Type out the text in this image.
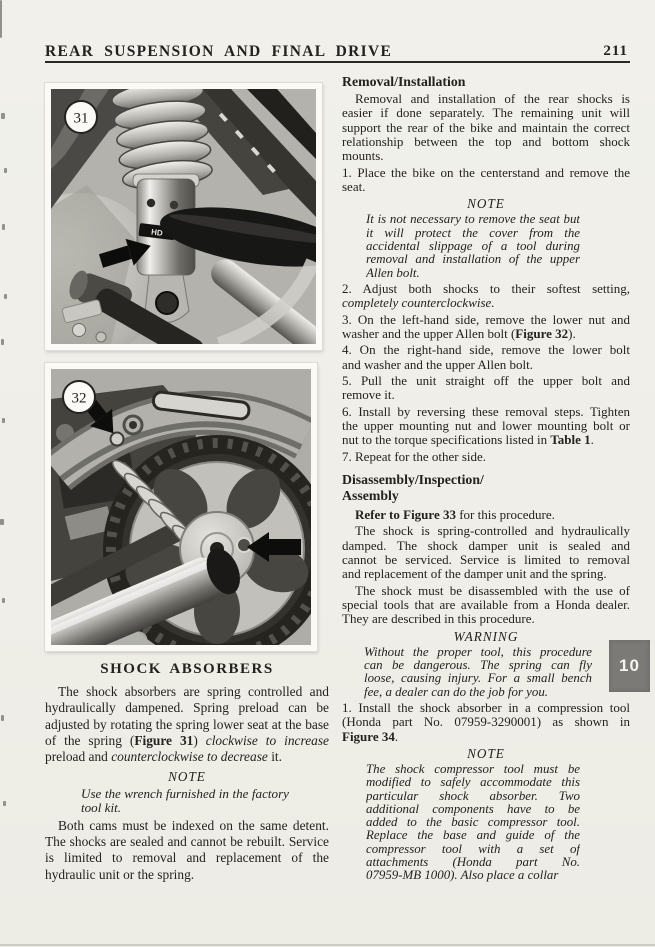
REAR SUSPENSION AND FINAL DRIVE	211
HD
31
32
SHOCK ABSORBERS
The shock absorbers are spring controlled and
hydraulically dampened. Spring preload can be
adjusted by rotating the spring lower seat at the base
of the spring (Figure 31) clockwise to increase
preload and counterclockwise to decrease it.
NOTE
Use the wrench furnished in the factory
tool kit.
Both cams must be indexed on the same detent.
The shocks are sealed and cannot be rebuilt. Service
is limited to removal and replacement of the
hydraulic unit or the spring.
Removal/Installation
Removal and installation of the rear shocks is
easier if done separately. The remaining unit will
support the rear of the bike and maintain the correct
relationship between the top and bottom shock
mounts.
1. Place the bike on the centerstand and remove the
seat.
NOTE
It is not necessary to remove the seat but
it will protect the cover from the
accidental slippage of a tool during
removal and installation of the upper
Allen bolt.
2. Adjust both shocks to their softest setting,
completely counterclockwise.
3. On the left-hand side, remove the lower nut and
washer and the upper Allen bolt (Figure 32).
4. On the right-hand side, remove the lower bolt
and washer and the upper Allen bolt.
5. Pull the unit straight off the upper bolt and
remove it.
6. Install by reversing these removal steps. Tighten
the upper mounting nut and lower mounting bolt or
nut to the torque specifications listed in Table 1.
7. Repeat for the other side.
Disassembly/Inspection/
Assembly
Refer to Figure 33 for this procedure.
The shock is spring-controlled and hydraulically
damped. The shock damper unit is sealed and
cannot be serviced. Service is limited to removal
and replacement of the damper unit and the spring.
The shock must be disassembled with the use of
special tools that are available from a Honda dealer.
They are described in this procedure.
WARNING
Without the proper tool, this procedure
can be dangerous. The spring can fly
loose, causing injury. For a small bench
fee, a dealer can do the job for you.
1. Install the shock absorber in a compression tool
(Honda part No. 07959-3290001) as shown in
Figure 34.
NOTE
The shock compressor tool must be
modified to safely accommodate this
particular shock absorber. Two
additional components have to be
added to the basic compressor tool.
Replace the base and guide of the
compressor tool with a set of
attachments (Honda part No.
07959-MB 1000). Also place a collar
10
